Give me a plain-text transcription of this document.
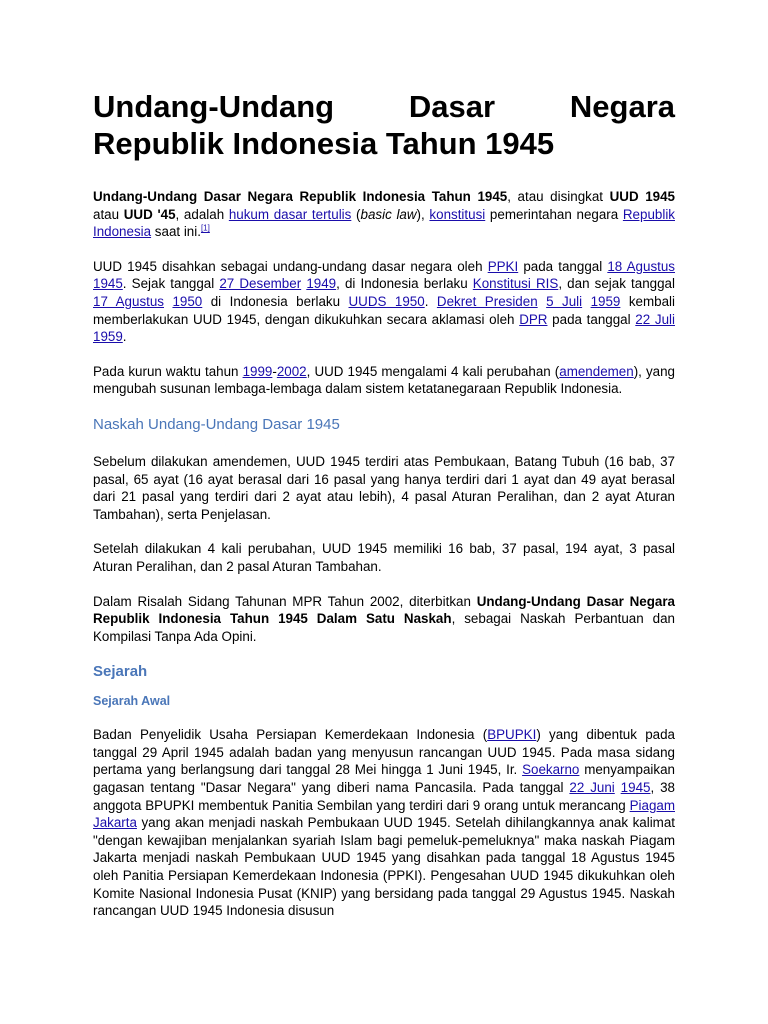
Undang-Undang Dasar Negara Republik Indonesia Tahun 1945

Undang-Undang Dasar Negara Republik Indonesia Tahun 1945, atau disingkat UUD 1945 atau UUD '45, adalah hukum dasar tertulis (basic law), konstitusi pemerintahan negara Republik Indonesia saat ini.[1]

UUD 1945 disahkan sebagai undang-undang dasar negara oleh PPKI pada tanggal 18 Agustus 1945. Sejak tanggal 27 Desember 1949, di Indonesia berlaku Konstitusi RIS, dan sejak tanggal 17 Agustus 1950 di Indonesia berlaku UUDS 1950. Dekret Presiden 5 Juli 1959 kembali memberlakukan UUD 1945, dengan dikukuhkan secara aklamasi oleh DPR pada tanggal 22 Juli 1959.

Pada kurun waktu tahun 1999-2002, UUD 1945 mengalami 4 kali perubahan (amendemen), yang mengubah susunan lembaga-lembaga dalam sistem ketatanegaraan Republik Indonesia.

Naskah Undang-Undang Dasar 1945

Sebelum dilakukan amendemen, UUD 1945 terdiri atas Pembukaan, Batang Tubuh (16 bab, 37 pasal, 65 ayat (16 ayat berasal dari 16 pasal yang hanya terdiri dari 1 ayat dan 49 ayat berasal dari 21 pasal yang terdiri dari 2 ayat atau lebih), 4 pasal Aturan Peralihan, dan 2 ayat Aturan Tambahan), serta Penjelasan.

Setelah dilakukan 4 kali perubahan, UUD 1945 memiliki 16 bab, 37 pasal, 194 ayat, 3 pasal Aturan Peralihan, dan 2 pasal Aturan Tambahan.

Dalam Risalah Sidang Tahunan MPR Tahun 2002, diterbitkan Undang-Undang Dasar Negara Republik Indonesia Tahun 1945 Dalam Satu Naskah, sebagai Naskah Perbantuan dan Kompilasi Tanpa Ada Opini.

Sejarah
Sejarah Awal

Badan Penyelidik Usaha Persiapan Kemerdekaan Indonesia (BPUPKI) yang dibentuk pada tanggal 29 April 1945 adalah badan yang menyusun rancangan UUD 1945. Pada masa sidang pertama yang berlangsung dari tanggal 28 Mei hingga 1 Juni 1945, Ir. Soekarno menyampaikan gagasan tentang "Dasar Negara" yang diberi nama Pancasila. Pada tanggal 22 Juni 1945, 38 anggota BPUPKI membentuk Panitia Sembilan yang terdiri dari 9 orang untuk merancang Piagam Jakarta yang akan menjadi naskah Pembukaan UUD 1945. Setelah dihilangkannya anak kalimat "dengan kewajiban menjalankan syariah Islam bagi pemeluk-pemeluknya" maka naskah Piagam Jakarta menjadi naskah Pembukaan UUD 1945 yang disahkan pada tanggal 18 Agustus 1945 oleh Panitia Persiapan Kemerdekaan Indonesia (PPKI). Pengesahan UUD 1945 dikukuhkan oleh Komite Nasional Indonesia Pusat (KNIP) yang bersidang pada tanggal 29 Agustus 1945. Naskah rancangan UUD 1945 Indonesia disusun
